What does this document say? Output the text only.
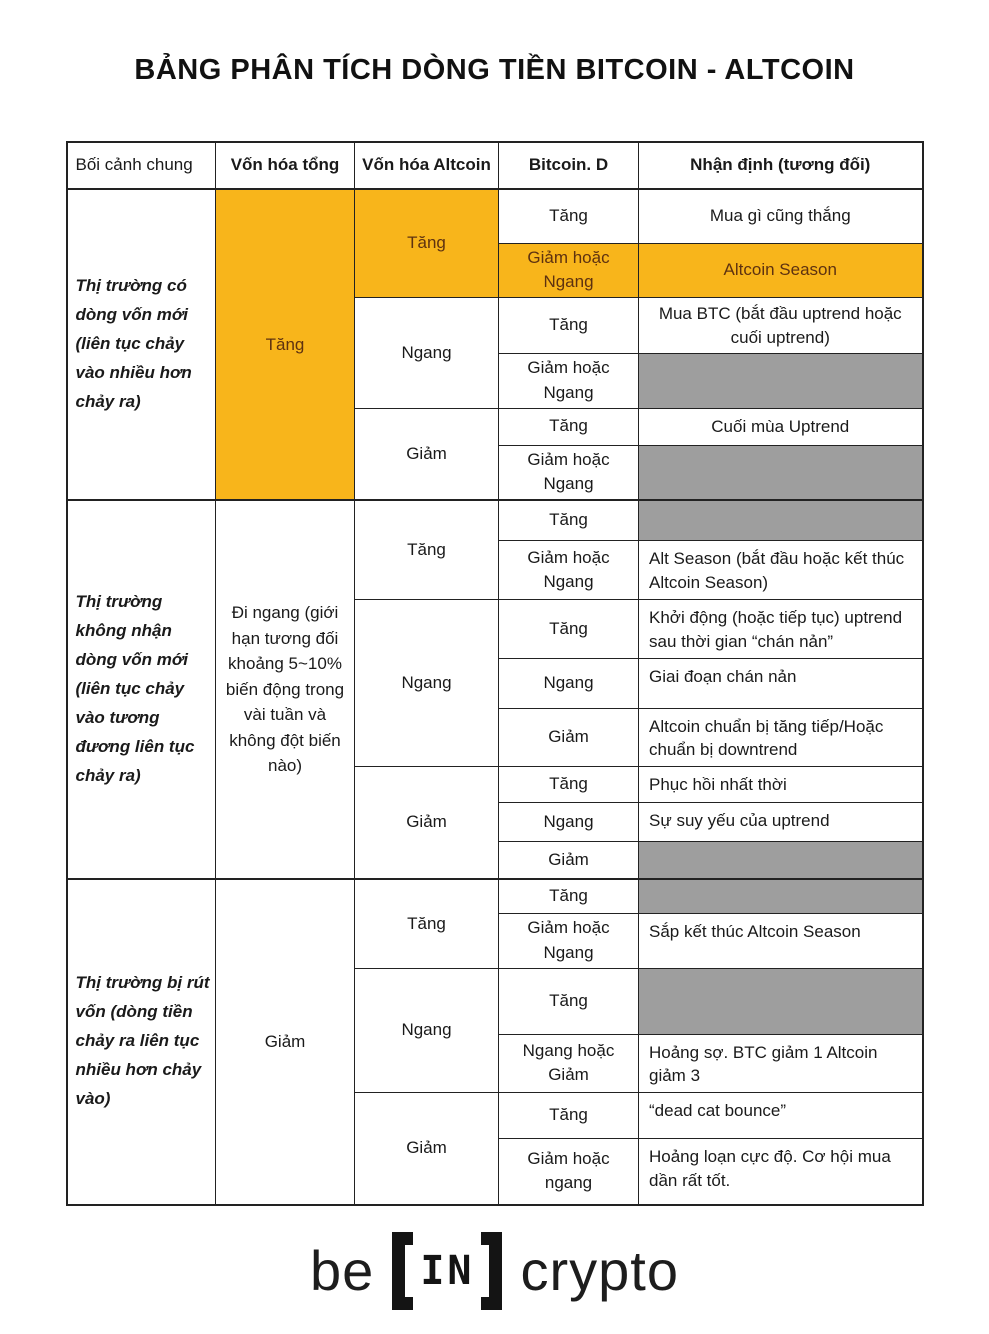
BẢNG PHÂN TÍCH DÒNG TIỀN BITCOIN - ALTCOIN
Bối cảnh chung	Vốn hóa tổng	Vốn hóa Altcoin	Bitcoin. D	Nhận định (tương đối)
Thị trường có dòng vốn mới (liên tục chảy vào nhiều hơn chảy ra)	Tăng	Tăng	Tăng	Mua gì cũng thắng
			Giảm hoặc Ngang	Altcoin Season
		Ngang	Tăng	Mua BTC (bắt đầu uptrend hoặc cuối uptrend)
			Giảm hoặc Ngang	
		Giảm	Tăng	Cuối mùa Uptrend
			Giảm hoặc Ngang	
Thị trường không nhận dòng vốn mới (liên tục chảy vào tương đương liên tục chảy ra)	Đi ngang (giới hạn tương đối khoảng 5~10% biến động trong vài tuần và không đột biến nào)	Tăng	Tăng	
			Giảm hoặc Ngang	Alt Season (bắt đầu hoặc kết thúc Altcoin Season)
		Ngang	Tăng	Khởi động (hoặc tiếp tục) uptrend sau thời gian “chán nản”
			Ngang	Giai đoạn chán nản
			Giảm	Altcoin chuẩn bị tăng tiếp/Hoặc chuẩn bị downtrend
		Giảm	Tăng	Phục hồi nhất thời
			Ngang	Sự suy yếu của uptrend
			Giảm	
Thị trường bị rút vốn (dòng tiền chảy ra liên tục nhiều hơn chảy vào)	Giảm	Tăng	Tăng	
			Giảm hoặc Ngang	Sắp kết thúc Altcoin Season
		Ngang	Tăng	
			Ngang hoặc Giảm	Hoảng sợ. BTC giảm 1 Altcoin giảm 3
		Giảm	Tăng	“dead cat bounce”
			Giảm hoặc ngang	Hoảng loạn cực độ. Cơ hội mua dần rất tốt.
be IN crypto
